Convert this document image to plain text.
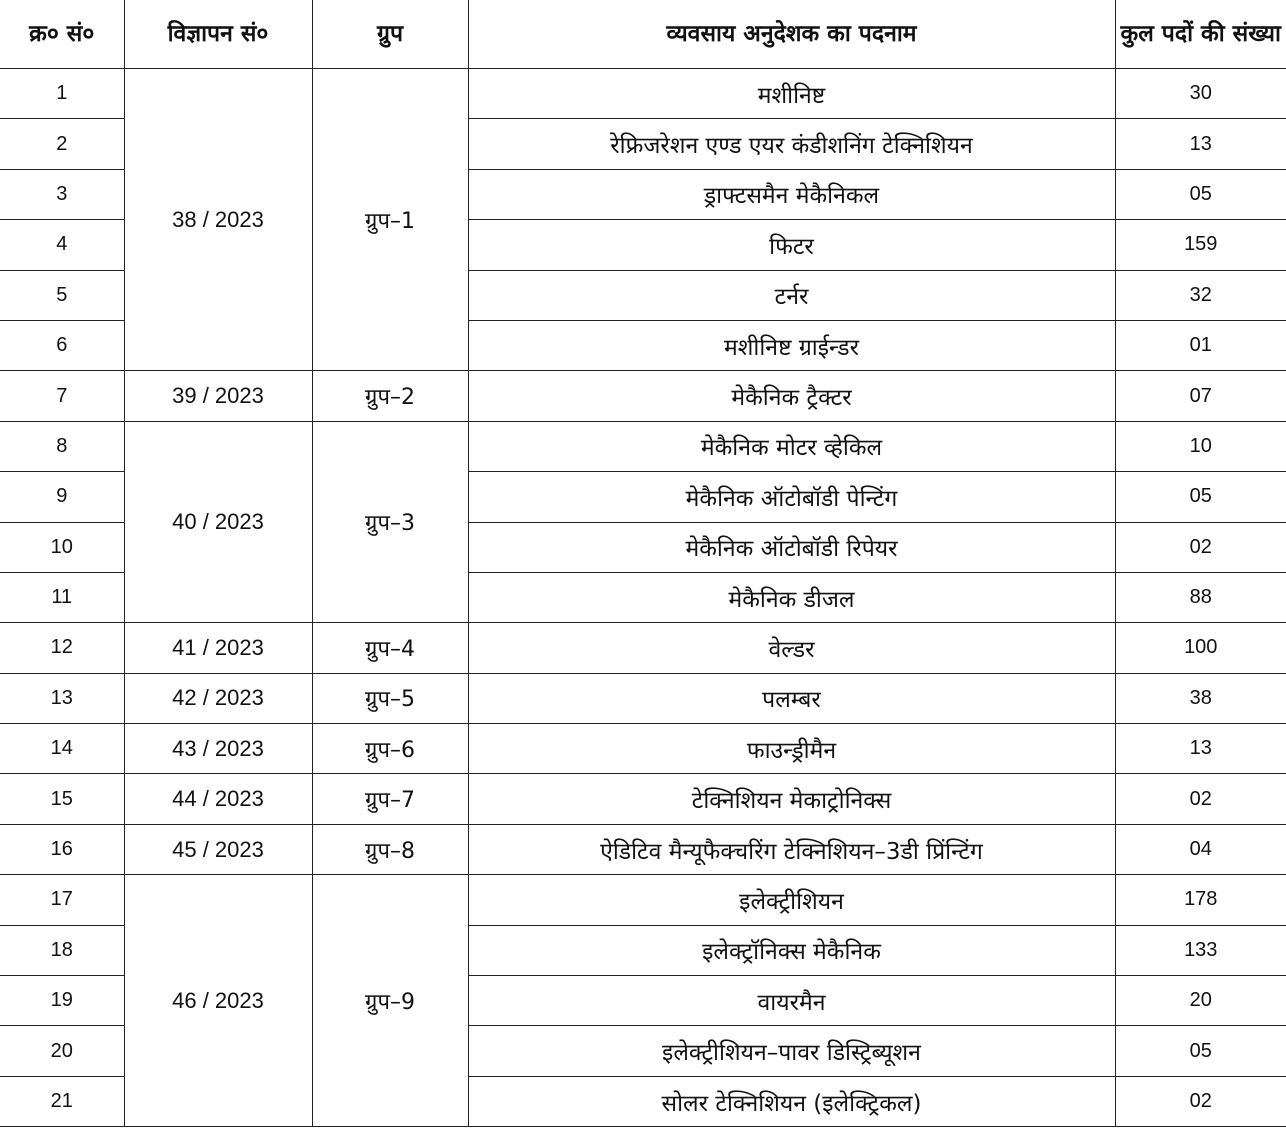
क्र० सं०	विज्ञापन सं०	ग्रुप	व्यवसाय अनुदेशक का पदनाम	कुल पदों की संख्या
1	38 / 2023	ग्रुप–1	मशीनिष्ट	30
2			रेफ्रिजरेशन एण्ड एयर कंडीशनिंग टेक्निशियन	13
3			ड्राफ्टसमैन मेकैनिकल	05
4			फिटर	159
5			टर्नर	32
6			मशीनिष्ट ग्राईन्डर	01
7	39 / 2023	ग्रुप–2	मेकैनिक ट्रैक्टर	07
8	40 / 2023	ग्रुप–3	मेकैनिक मोटर व्हेकिल	10
9			मेकैनिक ऑटोबॉडी पेन्टिंग	05
10			मेकैनिक ऑटोबॉडी रिपेयर	02
11			मेकैनिक डीजल	88
12	41 / 2023	ग्रुप–4	वेल्डर	100
13	42 / 2023	ग्रुप–5	पलम्बर	38
14	43 / 2023	ग्रुप–6	फाउन्ड्रीमैन	13
15	44 / 2023	ग्रुप–7	टेक्निशियन मेकाट्रोनिक्स	02
16	45 / 2023	ग्रुप–8	ऐडिटिव मैन्यूफैक्चरिंग टेक्निशियन–3डी प्रिंन्टिंग	04
17	46 / 2023	ग्रुप–9	इलेक्ट्रीशियन	178
18			इलेक्ट्रॉनिक्स मेकैनिक	133
19			वायरमैन	20
20			इलेक्ट्रीशियन–पावर डिस्ट्रिब्यूशन	05
21			सोलर टेक्निशियन (इलेक्ट्रिकल)	02
